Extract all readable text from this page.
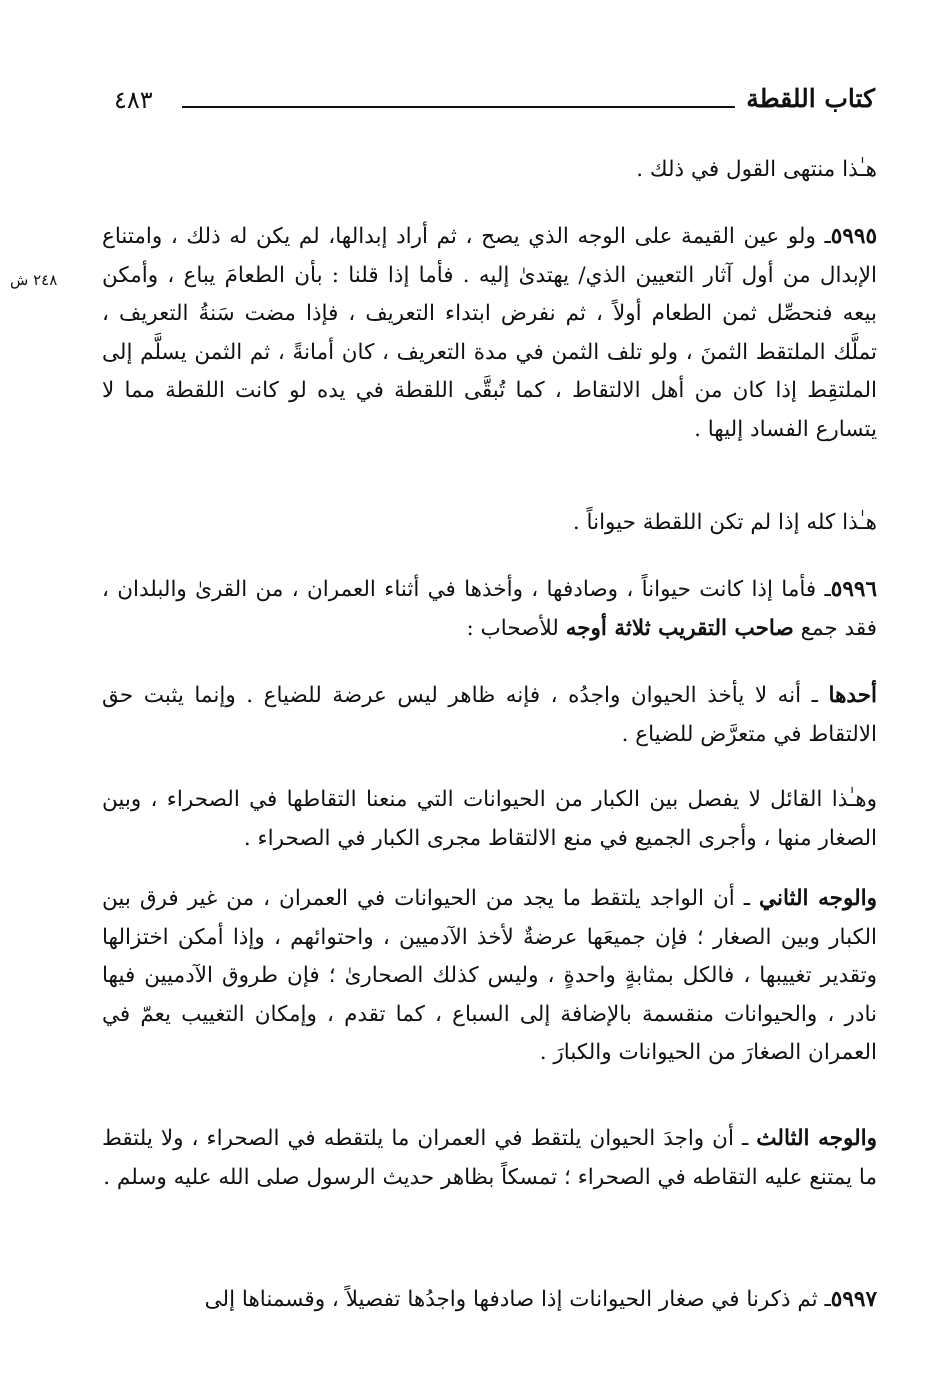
كتاب اللقطة
٤٨٣
٢٤٨ ش
هـٰذا منتهى القول في ذلك .
٥٩٩٥ـ ولو عين القيمة على الوجه الذي يصح ، ثم أراد إبدالها، لم يكن له ذلك ، وامتناع الإبدال من أول آثار التعيين الذي/ يهتدىٰ إليه . فأما إذا قلنا : بأن الطعامَ يباع ، وأمكن بيعه فنحصِّل ثمن الطعام أولاً ، ثم نفرض ابتداء التعريف ، فإذا مضت سَنةُ التعريف ، تملَّك الملتقط الثمنَ ، ولو تلف الثمن في مدة التعريف ، كان أمانةً ، ثم الثمن يسلَّم إلى الملتقِط إذا كان من أهل الالتقاط ، كما تُبقَّى اللقطة في يده لو كانت اللقطة مما لا يتسارع الفساد إليها .
هـٰذا كله إذا لم تكن اللقطة حيواناً .
٥٩٩٦ـ فأما إذا كانت حيواناً ، وصادفها ، وأخذها في أثناء العمران ، من القرىٰ والبلدان ، فقد جمع صاحب التقريب ثلاثة أوجه للأصحاب :
أحدها ـ أنه لا يأخذ الحيوان واجدُه ، فإنه ظاهر ليس عرضة للضياع . وإنما يثبت حق الالتقاط في متعرَّض للضياع .
وهـٰذا القائل لا يفصل بين الكبار من الحيوانات التي منعنا التقاطها في الصحراء ، وبين الصغار منها ، وأجرى الجميع في منع الالتقاط مجرى الكبار في الصحراء .
والوجه الثاني ـ أن الواجد يلتقط ما يجد من الحيوانات في العمران ، من غير فرق بين الكبار وبين الصغار ؛ فإن جميعَها عرضةٌ لأخذ الآدميين ، واحتوائهم ، وإذا أمكن اختزالها وتقدير تغييبها ، فالكل بمثابةٍ واحدةٍ ، وليس كذلك الصحارىٰ ؛ فإن طروق الآدميين فيها نادر ، والحيوانات منقسمة بالإضافة إلى السباع ، كما تقدم ، وإمكان التغييب يعمّ في العمران الصغارَ من الحيوانات والكبارَ .
والوجه الثالث ـ أن واجدَ الحيوان يلتقط في العمران ما يلتقطه في الصحراء ، ولا يلتقط ما يمتنع عليه التقاطه في الصحراء ؛ تمسكاً بظاهر حديث الرسول صلى الله عليه وسلم .
٥٩٩٧ـ ثم ذكرنا في صغار الحيوانات إذا صادفها واجدُها تفصيلاً ، وقسمناها إلى
